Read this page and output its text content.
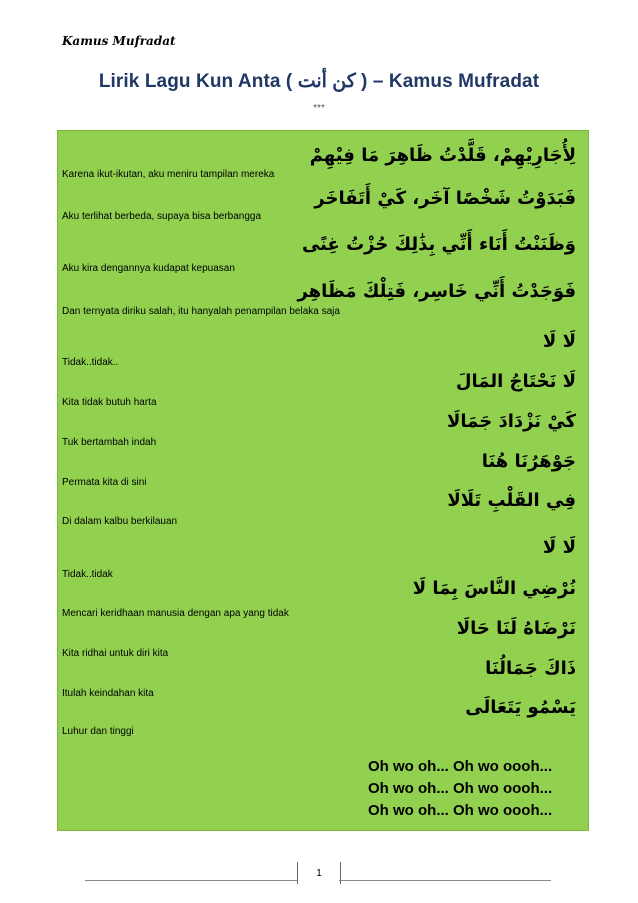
Kamus Mufradat
Lirik Lagu Kun Anta ( كن أنت ) – Kamus Mufradat
***
لِأُجَارِيْهِمْ، قَلَّدْتُ ظَاهِرَ مَا فِيْهِمْ
Karena ikut-ikutan, aku meniru tampilan mereka
فَبَدَوْتُ شَخْصًا آخَر، كَيْ أَتَفَاخَر
Aku terlihat berbeda, supaya bisa berbangga
وَظَنَنْتُ أَنَاء أَنِّي بِذَٰلِكَ حُزْتُ غِنًى
Aku kira dengannya kudapat kepuasan
فَوَجَدْتُ أَنِّي خَاسِر، فَتِلْكَ مَظَاهِر
Dan ternyata diriku salah, itu hanyalah penampilan belaka saja
لَا لَا
Tidak..tidak..
لَا نَحْتَاجُ المَالَ
Kita tidak butuh harta
كَيْ نَزْدَادَ جَمَالَا
Tuk bertambah indah
جَوْهَرُنَا هُنَا
Permata kita di sini
فِي القَلْبِ تَلَالَا
Di dalam kalbu berkilauan
لَا لَا
Tidak..tidak
نُرْضِي النَّاسَ بِمَا لَا
Mencari keridhaan manusia dengan apa yang tidak
نَرْضَاهُ لَنَا حَالَا
Kita ridhai untuk diri kita
ذَاكَ جَمَالُنَا
Itulah keindahan kita
يَسْمُو يَتَعَالَى
Luhur dan tinggi
Oh wo oh... Oh wo oooh...
Oh wo oh... Oh wo oooh...
Oh wo oh... Oh wo oooh...
1
